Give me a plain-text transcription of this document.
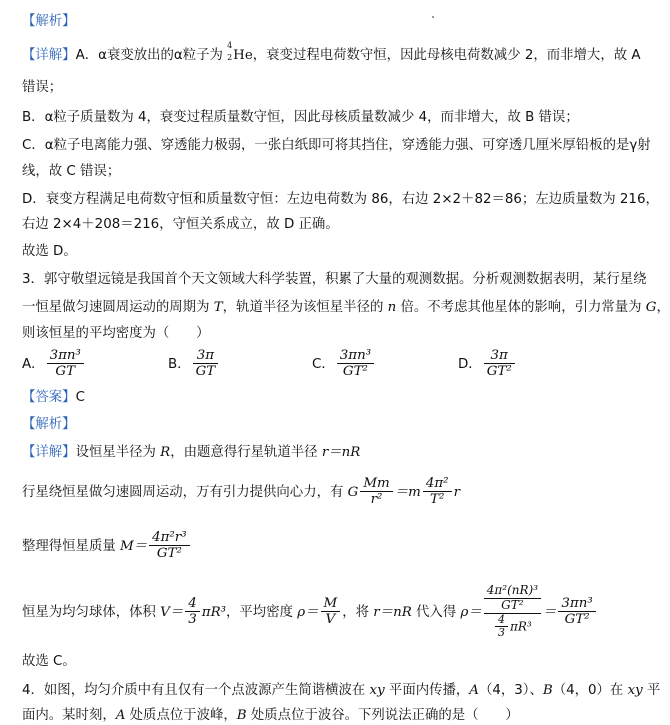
【解析】
【详解】A．α衰变放出的α粒子为
4
2 He，衰变过程电荷数守恒，因此母核电荷数减少 2，而非增大，故 A
错误；
B．α粒子质量数为 4，衰变过程质量数守恒，因此母核质量数减少 4，而非增大，故 B 错误；
C．α粒子电离能力强、穿透能力极弱，一张白纸即可将其挡住，穿透能力强、可穿透几厘米厚铅板的是γ射
线，故 C 错误；
D．衰变方程满足电荷数守恒和质量数守恒：左边电荷数为 86，右边 2×2＋82＝86；左边质量数为 216，
右边 2×4＋208＝216，守恒关系成立，故 D 正确。
故选 D。
3．郭守敬望远镜是我国首个天文领域大科学装置，积累了大量的观测数据。分析观测数据表明，某行星绕
一恒星做匀速圆周运动的周期为 T，轨道半径为该恒星半径的 n 倍。不考虑其他星体的影响，引力常量为 G，
则该恒星的平均密度为（　　）
A． $\frac{\text{3πn³}}{GT}$	B． $\frac{3\pi}{GT}$	C． $\frac{\text{3πn³}}{\text{GT²}}$	D． $\frac{3\pi}{\text{GT²}}$
【答案】C
【解析】
【详解】设恒星半径为 R，由题意得行星轨道半径 r＝nR
行星绕恒星做匀速圆周运动，万有引力提供向心力，有 G $\frac{Mm}{\text{r²}} =m \frac{\text{4π²}}{\text{T²}}$ r
整理得恒星质量 $M= \frac{\text{4π²r³}}{\text{GT²}}$
恒星为均匀球体，体积 $V= \frac{4}{3} \pi R^3$，平均密度 $\rho= \frac{M}{V}$ ，将 r＝nR 代入得 ρ＝
4π²(nR)³
GT²
$\frac{4}{3} \pi R^3$
＝ $\frac{\text{3πn³}}{\text{GT²}}$
故选 C。
4．如图，均匀介质中有且仅有一个点波源产生简谐横波在 xy 平面内传播，A（4，3）、B（4，0）在 xy 平
面内。某时刻，A 处质点位于波峰，B 处质点位于波谷。下列说法正确的是（　　）
